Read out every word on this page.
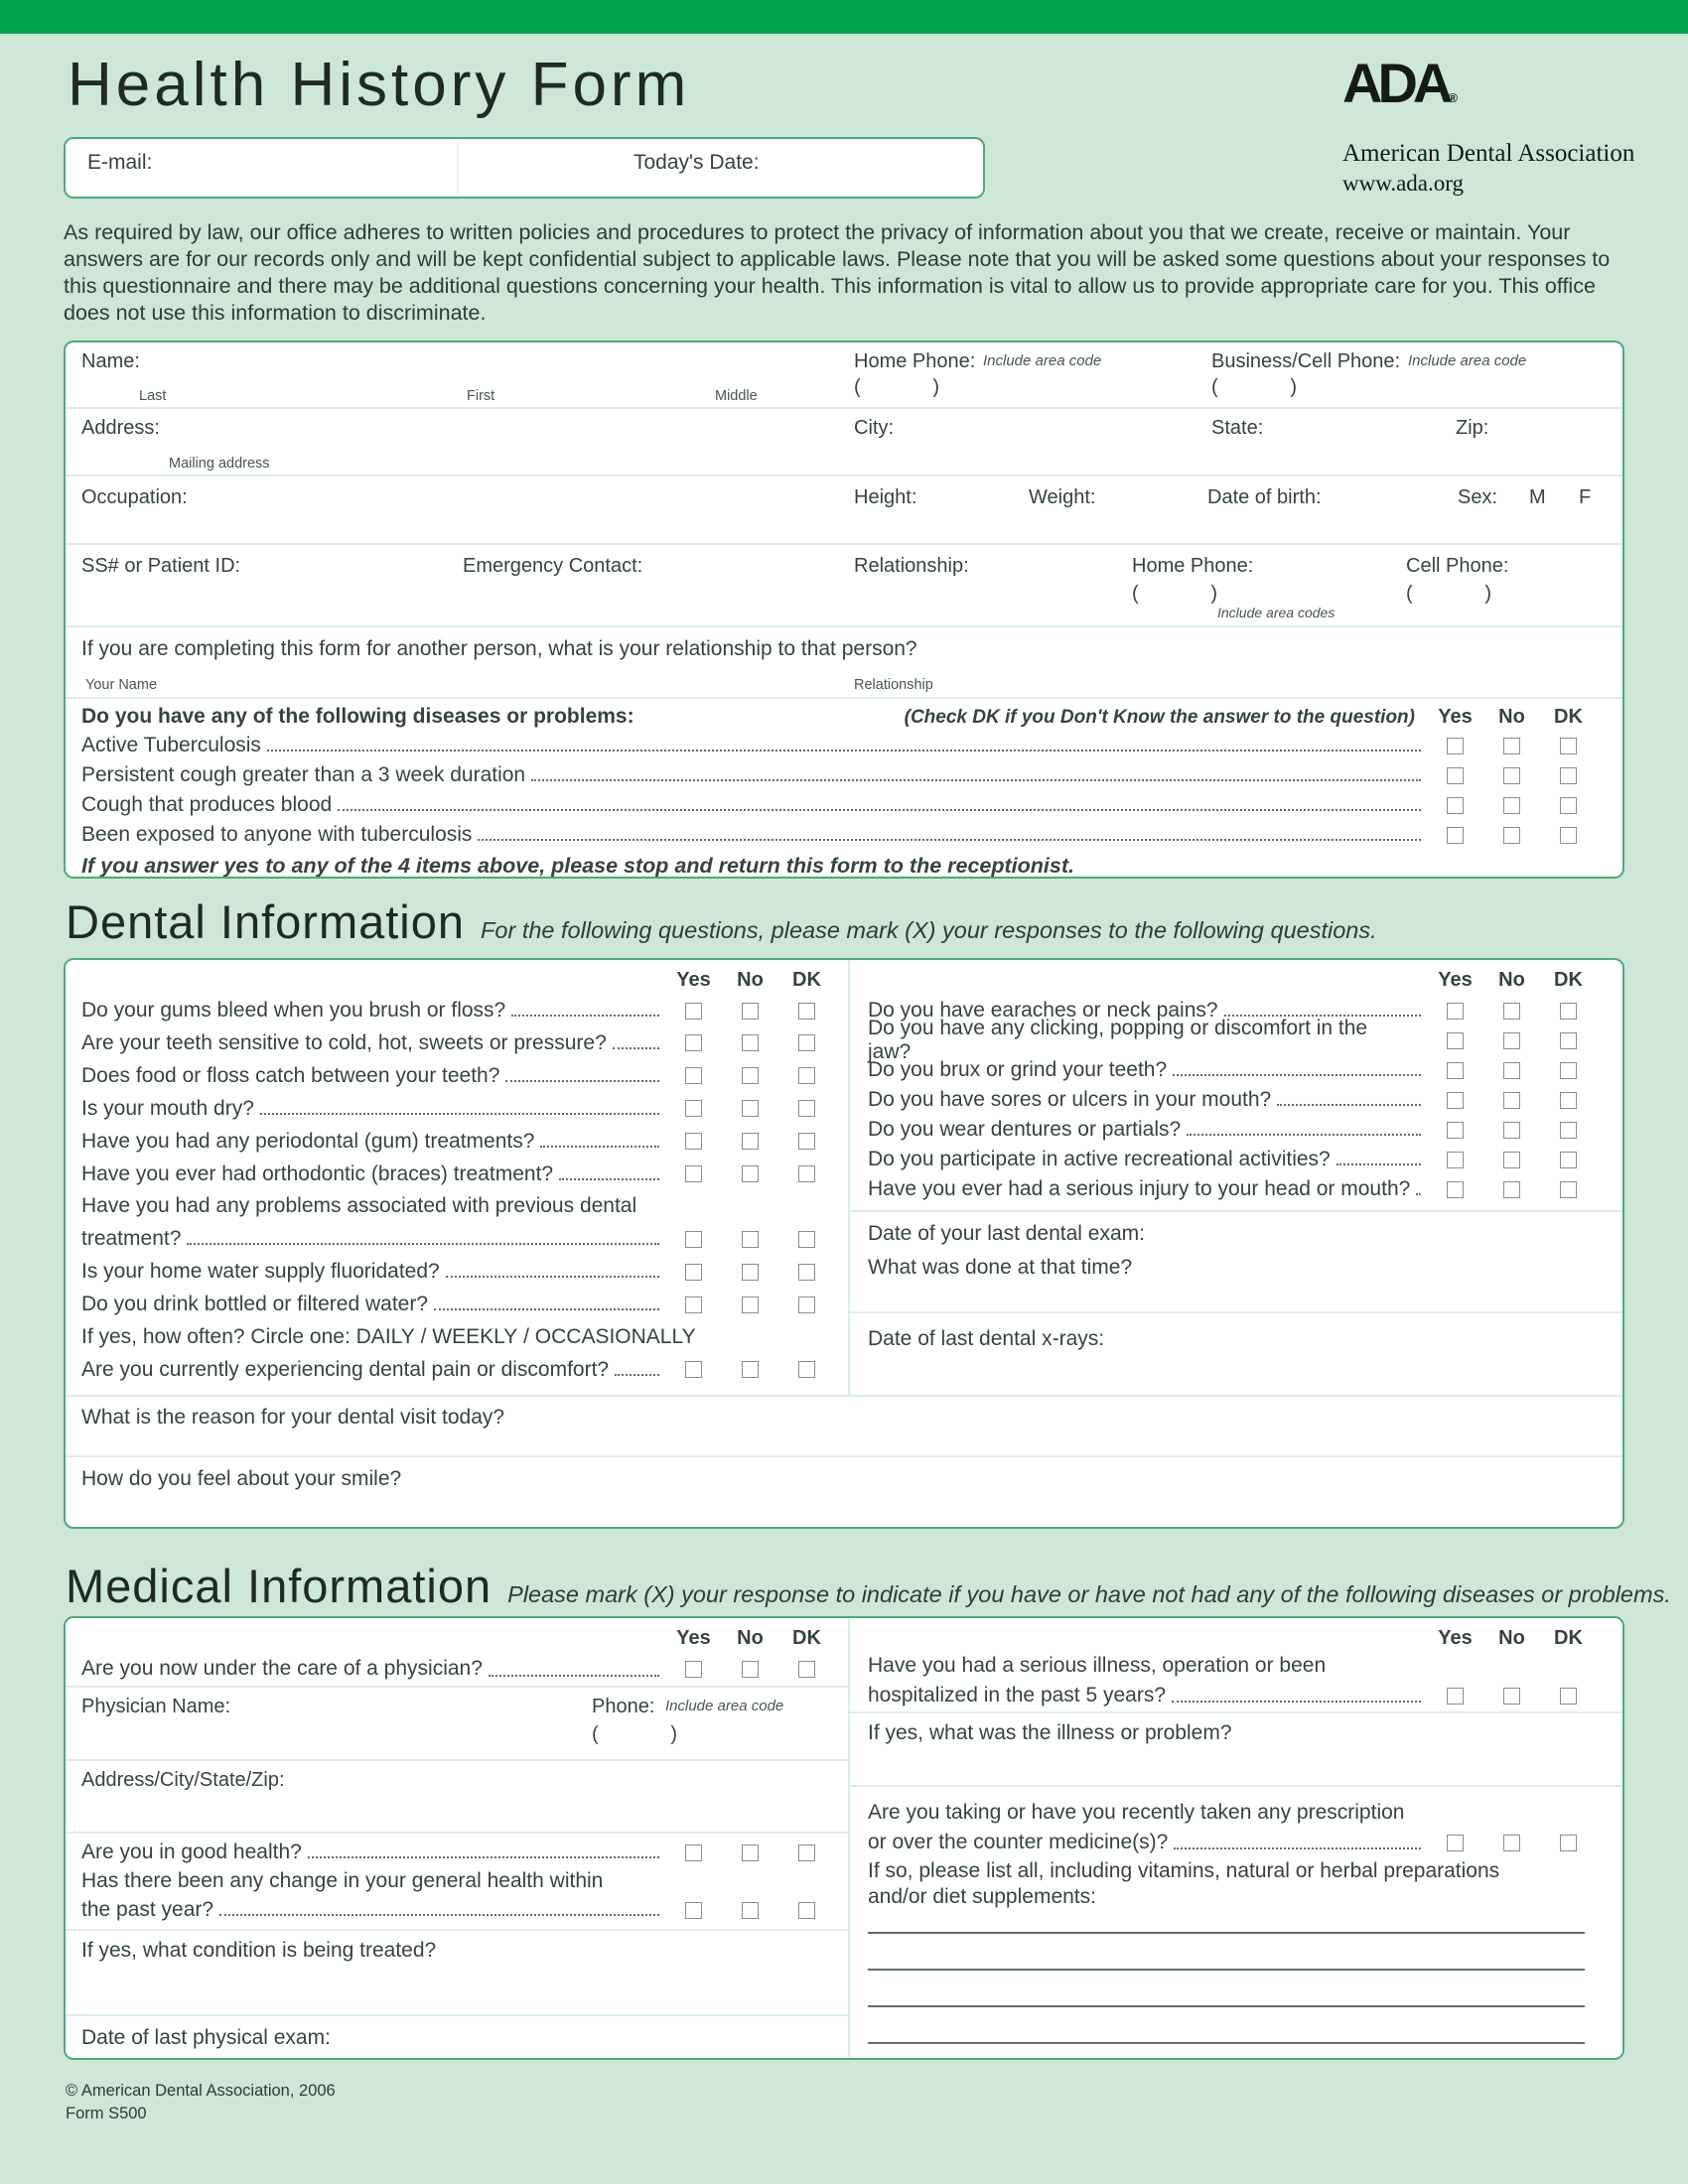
Health History Form	ADA®
American Dental Association
www.ada.org
E-mail:	Today's Date:
As required by law, our office adheres to written policies and procedures to protect the privacy of information about you that we create, receive or maintain. Your answers are for our records only and will be kept confidential subject to applicable laws. Please note that you will be asked some questions about your responses to this questionnaire and there may be additional questions concerning your health. This information is vital to allow us to provide appropriate care for you. This office does not use this information to discriminate.
Name:
Last	First	Middle
Home Phone: Include area code
(   )
Business/Cell Phone: Include area code
(   )
Address:
Mailing address
City:	State:	Zip:
Occupation:	Height:	Weight:	Date of birth:	Sex: M F
SS# or Patient ID:	Emergency Contact:	Relationship:	Home Phone:
(   )
Cell Phone:
(   )
Include area codes
If you are completing this form for another person, what is your relationship to that person?
Your Name	Relationship
Do you have any of the following diseases or problems:	(Check DK if you Don't Know the answer to the question)	Yes	No	DK
Active Tuberculosis
Persistent cough greater than a 3 week duration
Cough that produces blood
Been exposed to anyone with tuberculosis
If you answer yes to any of the 4 items above, please stop and return this form to the receptionist.
Dental Information For the following questions, please mark (X) your responses to the following questions.
Yes	No	DK
Do your gums bleed when you brush or floss?
Are your teeth sensitive to cold, hot, sweets or pressure?
Does food or floss catch between your teeth?
Is your mouth dry?
Have you had any periodontal (gum) treatments?
Have you ever had orthodontic (braces) treatment?
Have you had any problems associated with previous dental
treatment?
Is your home water supply fluoridated?
Do you drink bottled or filtered water?
If yes, how often? Circle one: DAILY / WEEKLY / OCCASIONALLY
Are you currently experiencing dental pain or discomfort?
Yes	No	DK
Do you have earaches or neck pains?
Do you have any clicking, popping or discomfort in the jaw?
Do you brux or grind your teeth?
Do you have sores or ulcers in your mouth?
Do you wear dentures or partials?
Do you participate in active recreational activities?
Have you ever had a serious injury to your head or mouth?
Date of your last dental exam:
What was done at that time?
Date of last dental x-rays:
What is the reason for your dental visit today?
How do you feel about your smile?
Medical Information Please mark (X) your response to indicate if you have or have not had any of the following diseases or problems.
Yes	No	DK
Are you now under the care of a physician?
Physician Name:	Phone: Include area code
(   )
Address/City/State/Zip:
Are you in good health?
Has there been any change in your general health within
the past year?
If yes, what condition is being treated?
Date of last physical exam:
Yes	No	DK
Have you had a serious illness, operation or been
hospitalized in the past 5 years?
If yes, what was the illness or problem?
Are you taking or have you recently taken any prescription
or over the counter medicine(s)?
If so, please list all, including vitamins, natural or herbal preparations
and/or diet supplements:
© American Dental Association, 2006
Form S500
